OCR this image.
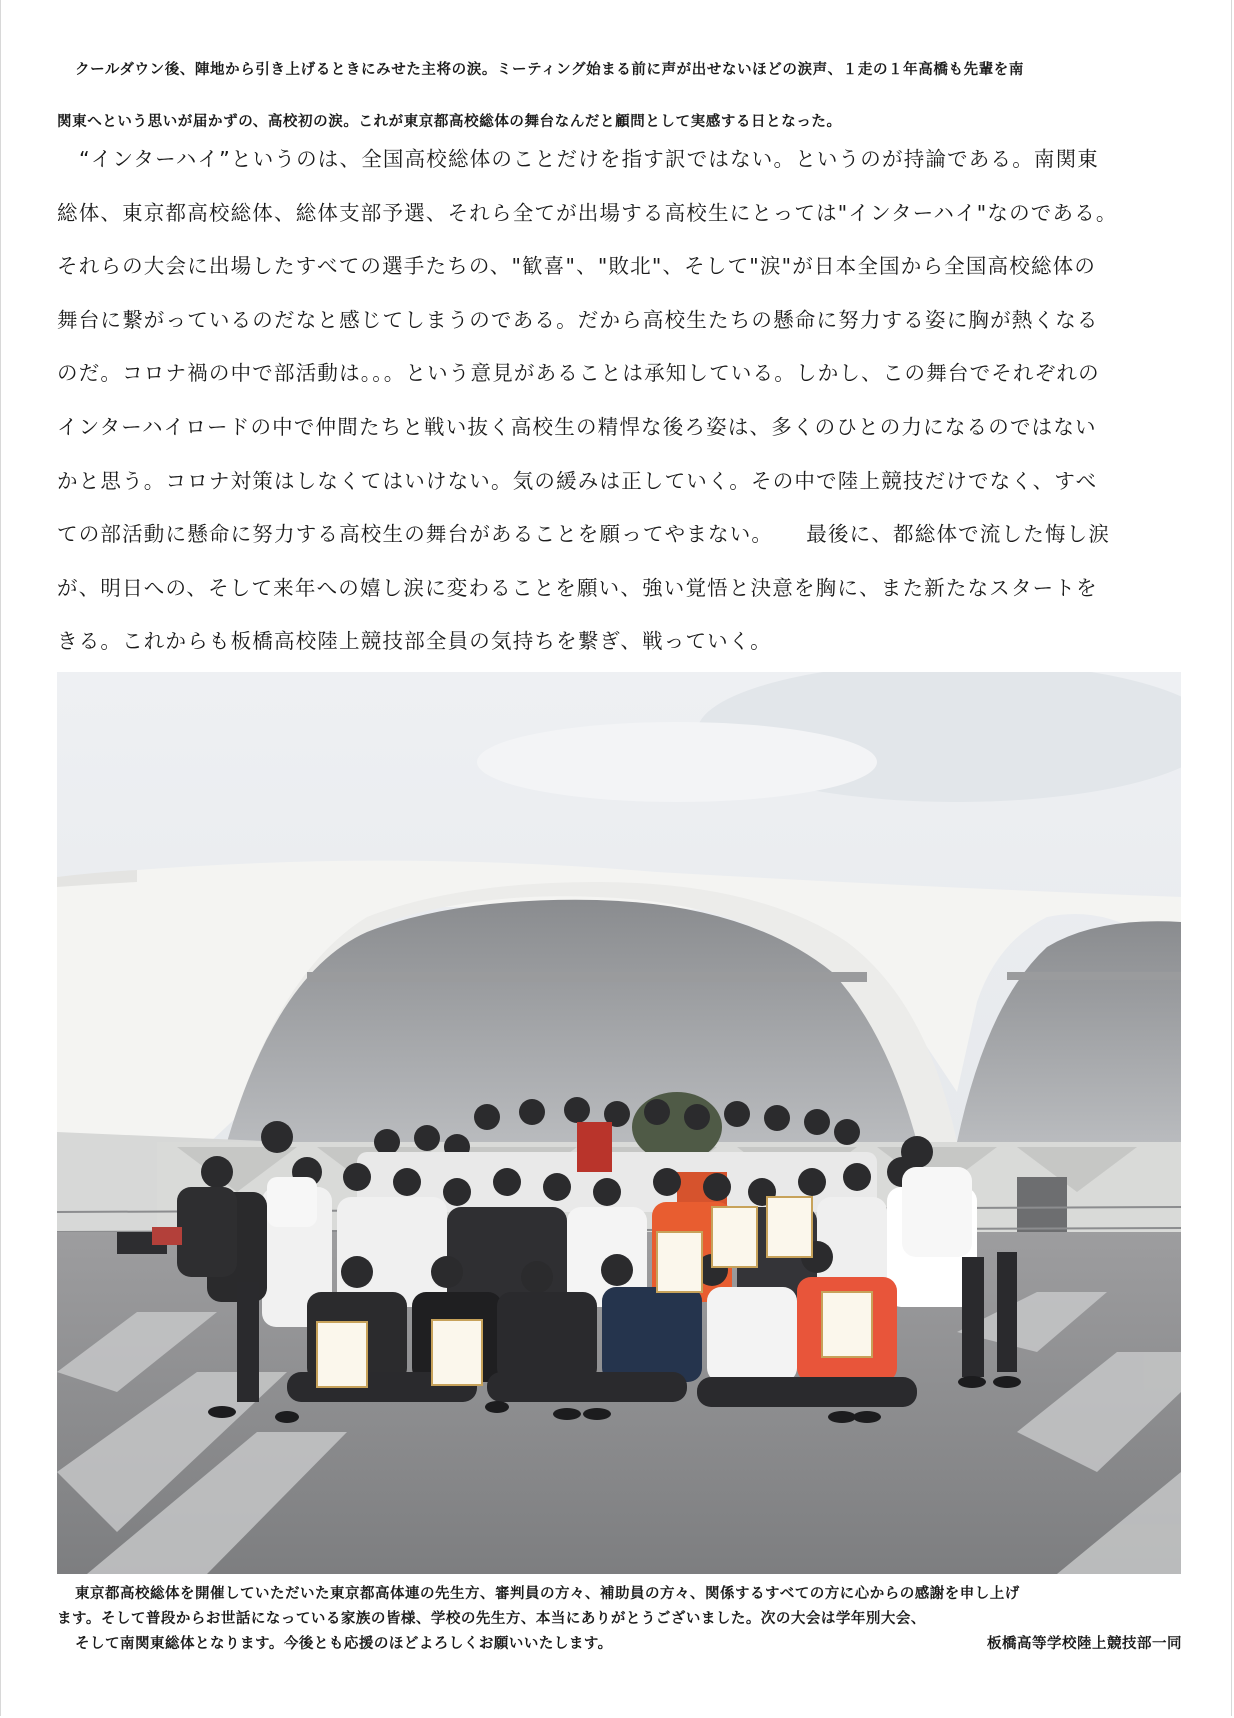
クールダウン後、陣地から引き上げるときにみせた主将の涙。ミーティング始まる前に声が出せないほどの涙声、１走の１年高橋も先輩を南
関東へという思いが届かずの、高校初の涙。これが東京都高校総体の舞台なんだと顧問として実感する日となった。
“インターハイ”というのは、全国高校総体のことだけを指す訳ではない。というのが持論である。南関東
総体、東京都高校総体、総体支部予選、それら全てが出場する高校生にとっては"インターハイ"なのである。
それらの大会に出場したすべての選手たちの、"歓喜"、"敗北"、そして"涙"が日本全国から全国高校総体の
舞台に繋がっているのだなと感じてしまうのである。だから高校生たちの懸命に努力する姿に胸が熱くなる
のだ。コロナ禍の中で部活動は。。。という意見があることは承知している。しかし、この舞台でそれぞれの
インターハイロードの中で仲間たちと戦い抜く高校生の精悍な後ろ姿は、多くのひとの力になるのではない
かと思う。コロナ対策はしなくてはいけない。気の緩みは正していく。その中で陸上競技だけでなく、すべ
ての部活動に懸命に努力する高校生の舞台があることを願ってやまない。　　最後に、都総体で流した悔し涙
が、明日への、そして来年への嬉し涙に変わることを願い、強い覚悟と決意を胸に、また新たなスタートを
きる。これからも板橋高校陸上競技部全員の気持ちを繋ぎ、戦っていく。
東京都高校総体を開催していただいた東京都高体連の先生方、審判員の方々、補助員の方々、関係するすべての方に心からの感謝を申し上げ
ます。そして普段からお世話になっている家族の皆様、学校の先生方、本当にありがとうございました。次の大会は学年別大会、
そして南関東総体となります。今後とも応援のほどよろしくお願いいたします。	板橋高等学校陸上競技部一同
